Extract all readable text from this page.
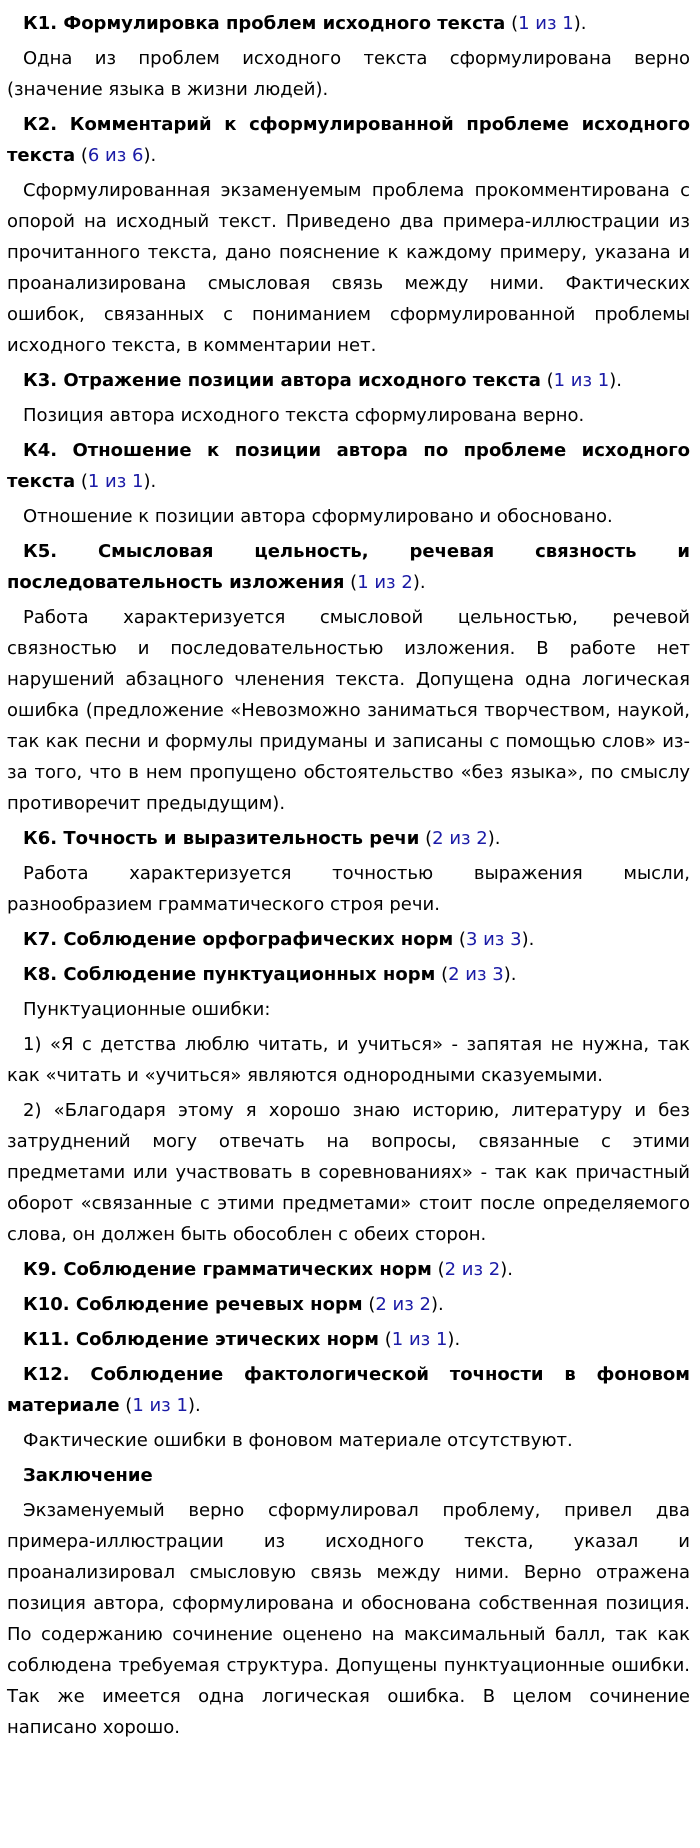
К1. Формулировка проблем исходного текста (1 из 1).

Одна из проблем исходного текста сформулирована верно (значение языка в жизни людей).

К2. Комментарий к сформулированной проблеме исходного текста (6 из 6).

Сформулированная экзаменуемым проблема прокомментирована с опорой на исходный текст. Приведено два примера-иллюстрации из прочитанного текста, дано пояснение к каждому примеру, указана и проанализирована смысловая связь между ними. Фактических ошибок, связанных с пониманием сформулированной проблемы исходного текста, в комментарии нет.

К3. Отражение позиции автора исходного текста (1 из 1).

Позиция автора исходного текста сформулирована верно.

К4. Отношение к позиции автора по проблеме исходного текста (1 из 1).

Отношение к позиции автора сформулировано и обосновано.

К5. Смысловая цельность, речевая связность и последовательность изложения (1 из 2).

Работа характеризуется смысловой цельностью, речевой связностью и последовательностью изложения. В работе нет нарушений абзацного членения текста. Допущена одна логическая ошибка (предложение «Невозможно заниматься творчеством, наукой, так как песни и формулы придуманы и записаны с помощью слов» из-за того, что в нем пропущено обстоятельство «без языка», по смыслу противоречит предыдущим).

К6. Точность и выразительность речи (2 из 2).

Работа характеризуется точностью выражения мысли, разнообразием грамматического строя речи.

К7. Соблюдение орфографических норм (3 из 3).

К8. Соблюдение пунктуационных норм (2 из 3).

Пунктуационные ошибки:

1) «Я с детства люблю читать, и учиться» - запятая не нужна, так как «читать и «учиться» являются однородными сказуемыми.

2) «Благодаря этому я хорошо знаю историю, литературу и без затруднений могу отвечать на вопросы, связанные с этими предметами или участвовать в соревнованиях» - так как причастный оборот «связанные с этими предметами» стоит после определяемого слова, он должен быть обособлен с обеих сторон.

К9. Соблюдение грамматических норм (2 из 2).

К10. Соблюдение речевых норм (2 из 2).

К11. Соблюдение этических норм (1 из 1).

К12. Соблюдение фактологической точности в фоновом материале (1 из 1).

Фактические ошибки в фоновом материале отсутствуют.

Заключение

Экзаменуемый верно сформулировал проблему, привел два примера-иллюстрации из исходного текста, указал и проанализировал смысловую связь между ними. Верно отражена позиция автора, сформулирована и обоснована собственная позиция. По содержанию сочинение оценено на максимальный балл, так как соблюдена требуемая структура. Допущены пунктуационные ошибки. Так же имеется одна логическая ошибка. В целом сочинение написано хорошо.
